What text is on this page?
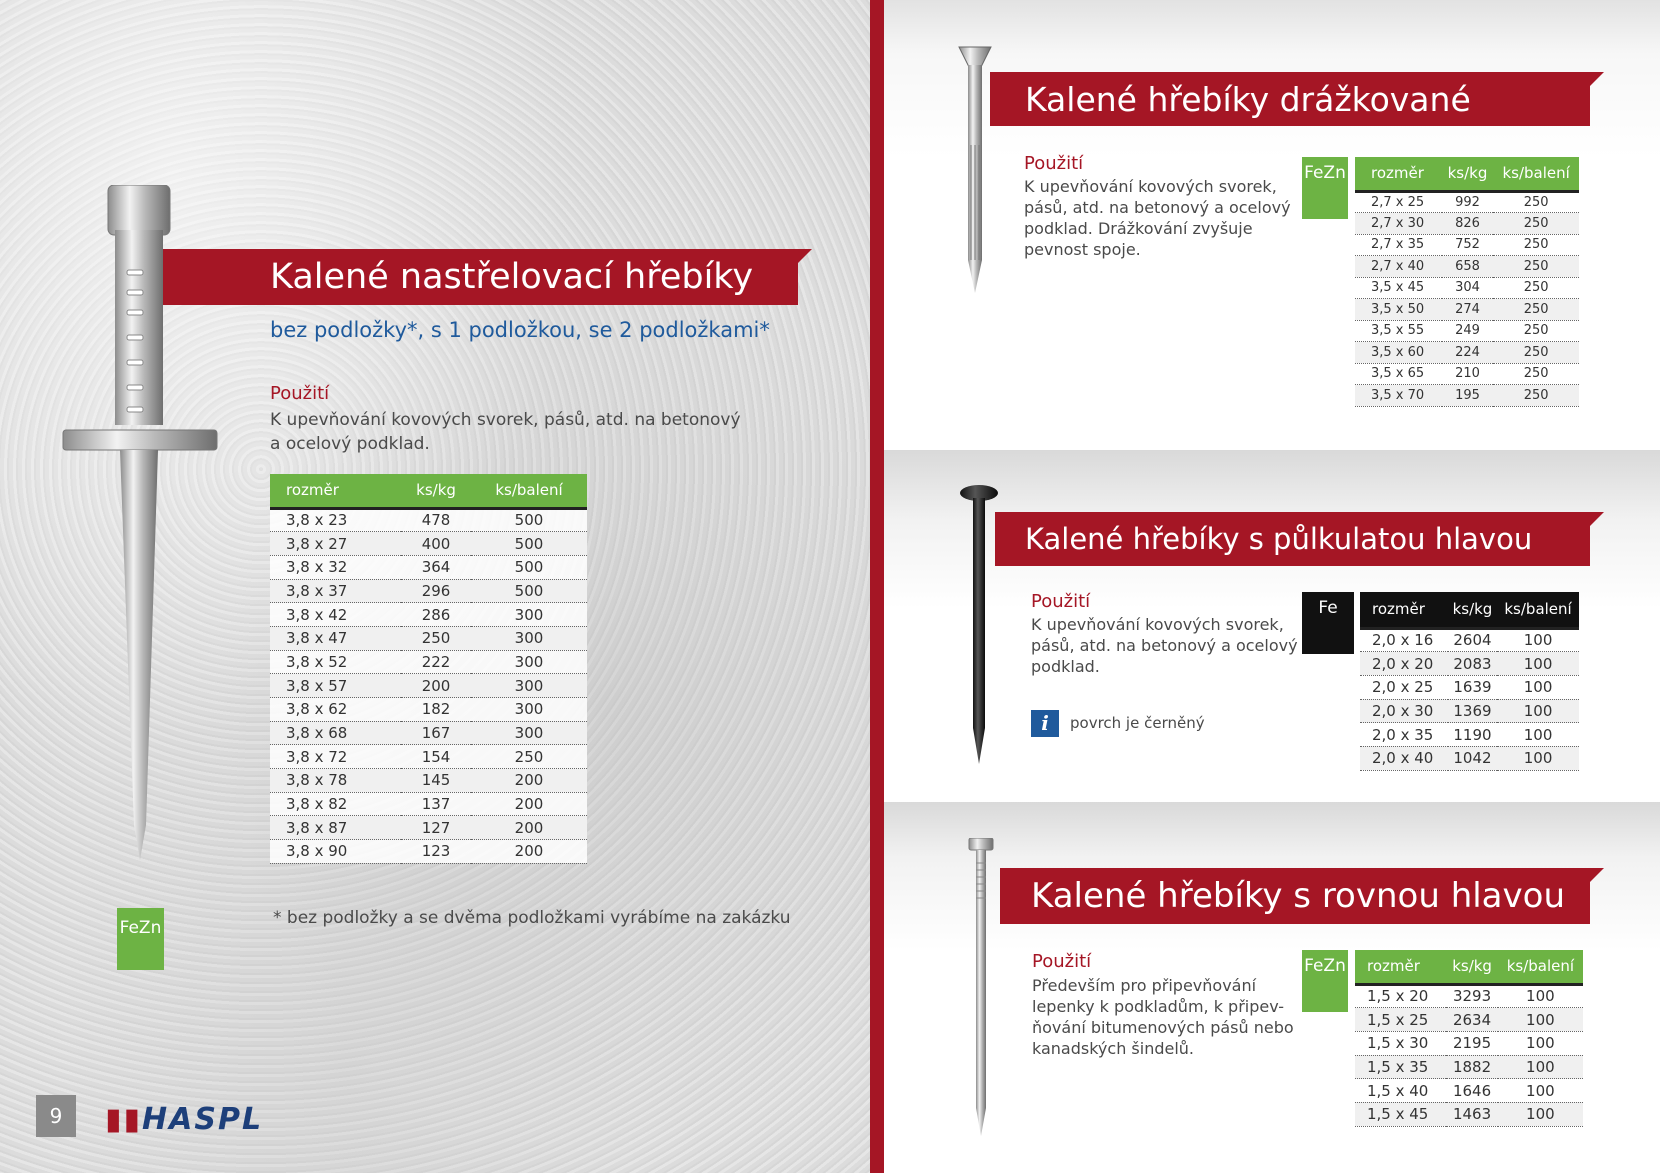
Kalené nastřelovací hřebíky
bez podložky*, s 1 podložkou, se 2 podložkami*
Použití
K upevňování kovových svorek, pásů, atd. na betonový
a ocelový podklad.
rozměr	ks/kg	ks/balení
3,8 x 23	478	500
3,8 x 27	400	500
3,8 x 32	364	500
3,8 x 37	296	500
3,8 x 42	286	300
3,8 x 47	250	300
3,8 x 52	222	300
3,8 x 57	200	300
3,8 x 62	182	300
3,8 x 68	167	300
3,8 x 72	154	250
3,8 x 78	145	200
3,8 x 82	137	200
3,8 x 87	127	200
3,8 x 90	123	200
FeZn	* bez podložky a se dvěma podložkami vyrábíme na zakázku
9	▮▮HASPL
Kalené hřebíky drážkované
Použití
K upevňování kovových svorek,
pásů, atd. na betonový a ocelový
podklad. Drážkování zvyšuje
pevnost spoje.
FeZn rozměr	ks/kg	ks/balení
2,7 x 25	992	250
2,7 x 30	826	250
2,7 x 35	752	250
2,7 x 40	658	250
3,5 x 45	304	250
3,5 x 50	274	250
3,5 x 55	249	250
3,5 x 60	224	250
3,5 x 65	210	250
3,5 x 70	195	250
Kalené hřebíky s půlkulatou hlavou
Použití
K upevňování kovových svorek,
pásů, atd. na betonový a ocelový
podklad.
i	povrch je černěný
Fe	rozměr	ks/kg	ks/balení
2,0 x 16	2604	100
2,0 x 20	2083	100
2,0 x 25	1639	100
2,0 x 30	1369	100
2,0 x 35	1190	100
2,0 x 40	1042	100
Kalené hřebíky s rovnou hlavou
Použití
Především pro připevňování
lepenky k podkladům, k připev-
ňování bitumenových pásů nebo
kanadských šindelů.
FeZn rozměr	ks/kg	ks/balení
1,5 x 20	3293	100
1,5 x 25	2634	100
1,5 x 30	2195	100
1,5 x 35	1882	100
1,5 x 40	1646	100
1,5 x 45	1463	100
